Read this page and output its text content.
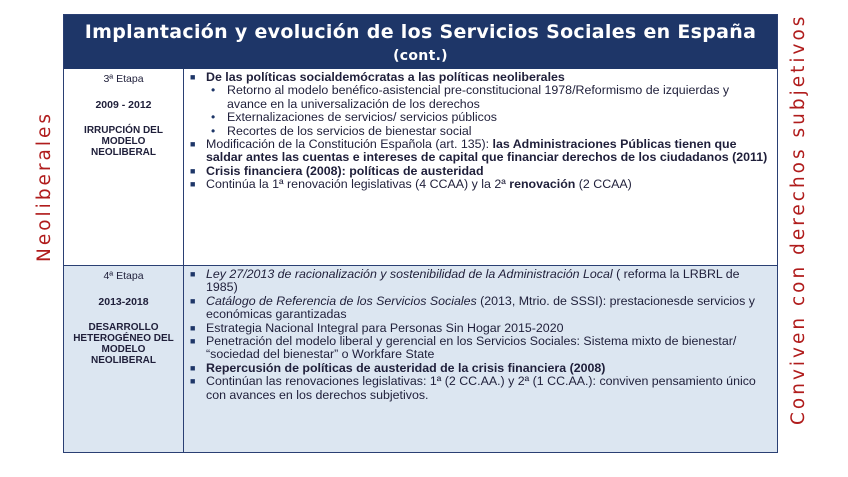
Neoliberales	Conviven con derechos subjetivos
Implantación y evolución de los Servicios Sociales en España (cont.)
3ª Etapa
2009 - 2012
IRRUPCIÓN DEL MODELO NEOLIBERAL
■ De las políticas socialdemócratas a las políticas neoliberales
• Retorno al modelo benéfico-asistencial pre-constitucional 1978/Reformismo de izquierdas y avance en la universalización de los derechos
• Externalizaciones de servicios/ servicios públicos
• Recortes de los servicios de bienestar social
■ Modificación de la Constitución Española (art. 135): las Administraciones Públicas tienen que saldar antes las cuentas e intereses de capital que financiar derechos de los ciudadanos (2011)
■ Crisis financiera (2008): políticas de austeridad
■ Continúa la 1ª renovación legislativas (4 CCAA) y la 2ª renovación (2 CCAA)
4ª Etapa
2013-2018
DESARROLLO HETEROGÉNEO DEL MODELO NEOLIBERAL
■ Ley 27/2013 de racionalización y sostenibilidad de la Administración Local ( reforma la LRBRL de 1985)
■ Catálogo de Referencia de los Servicios Sociales (2013, Mtrio. de SSSI): prestacionesde servicios y económicas garantizadas
■ Estrategia Nacional Integral para Personas Sin Hogar 2015-2020
■ Penetración del modelo liberal y gerencial en los Servicios Sociales: Sistema mixto de bienestar/ “sociedad del bienestar” o Workfare State
■ Repercusión de políticas de austeridad de la crisis financiera (2008)
■ Continúan las renovaciones legislativas: 1ª (2 CC.AA.) y 2ª (1 CC.AA.): conviven pensamiento único con avances en los derechos subjetivos.
